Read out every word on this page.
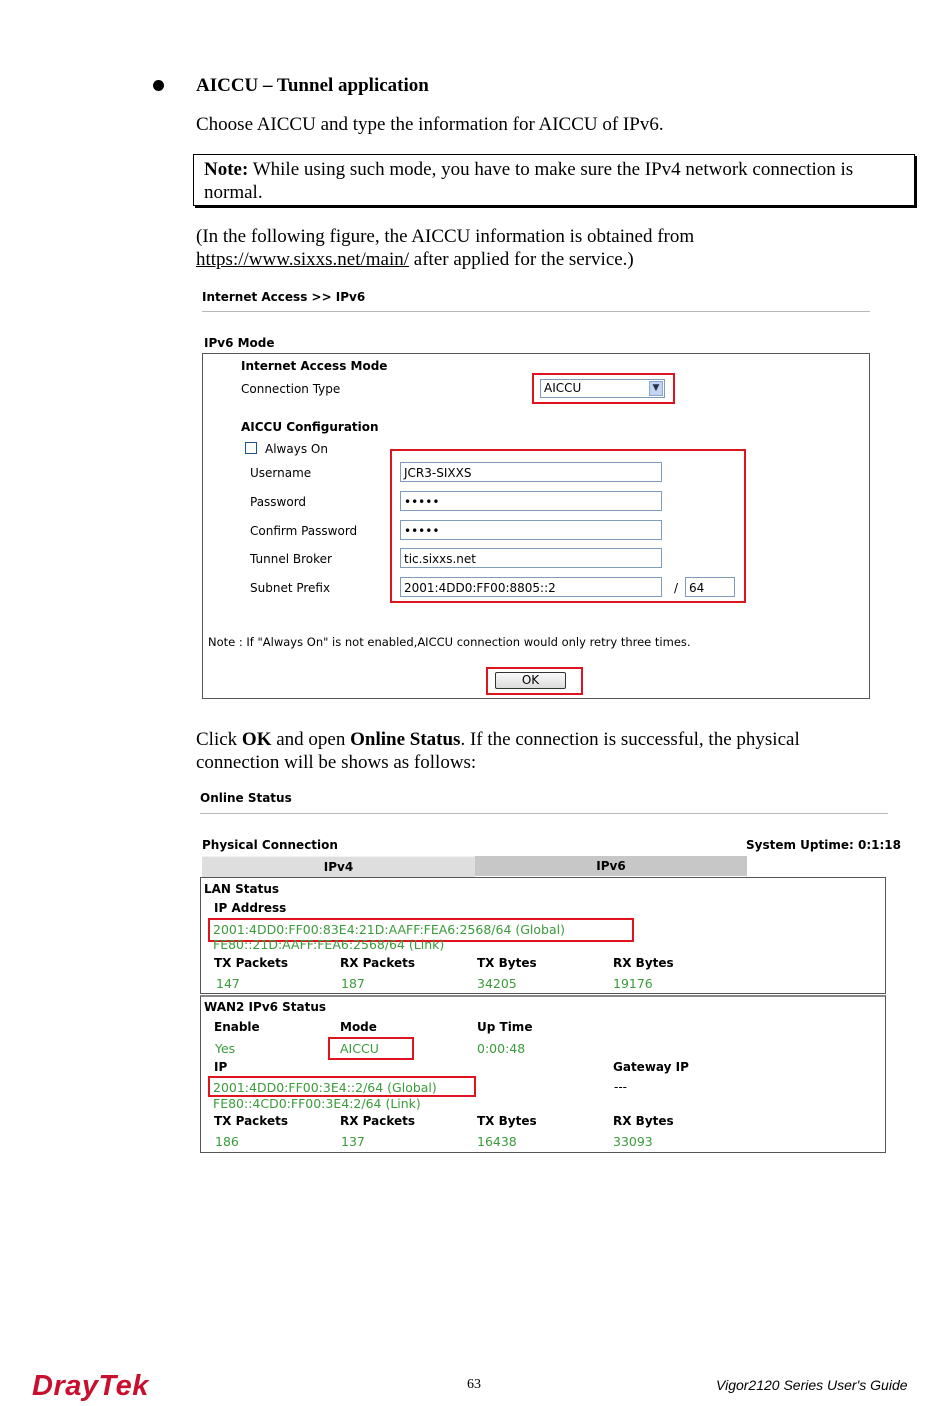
AICCU – Tunnel application
Choose AICCU and type the information for AICCU of IPv6.
Note: While using such mode, you have to make sure the IPv4 network connection is normal.
(In the following figure, the AICCU information is obtained from
https://www.sixxs.net/main/ after applied for the service.)
Internet Access >> IPv6
IPv6 Mode
Internet Access Mode
Connection Type	AICCU	▼
AICCU Configuration
Always On
Username	JCR3-SIXXS
Password	•••••
Confirm Password	•••••
Tunnel Broker	tic.sixxs.net
Subnet Prefix	2001:4DD0:FF00:8805::2	/ 64
Note : If "Always On" is not enabled,AICCU connection would only retry three times.
OK
Click OK and open Online Status. If the connection is successful, the physical
connection will be shows as follows:
Online Status
Physical Connection	System Uptime: 0:1:18
IPv4	IPv6
LAN Status
IP Address
2001:4DD0:FF00:83E4:21D:AAFF:FEA6:2568/64 (Global)
FE80::21D:AAFF:FEA6:2568/64 (Link)
TX Packets	RX Packets	TX Bytes	RX Bytes
147	187	34205	19176
WAN2 IPv6 Status
Enable	Mode	Up Time
Yes	AICCU	0:00:48
IP	Gateway IP
2001:4DD0:FF00:3E4::2/64 (Global)	---
FE80::4CD0:FF00:3E4:2/64 (Link)
TX Packets	RX Packets	TX Bytes	RX Bytes
186	137	16438	33093
DrayTek	63	Vigor2120 Series User's Guide
